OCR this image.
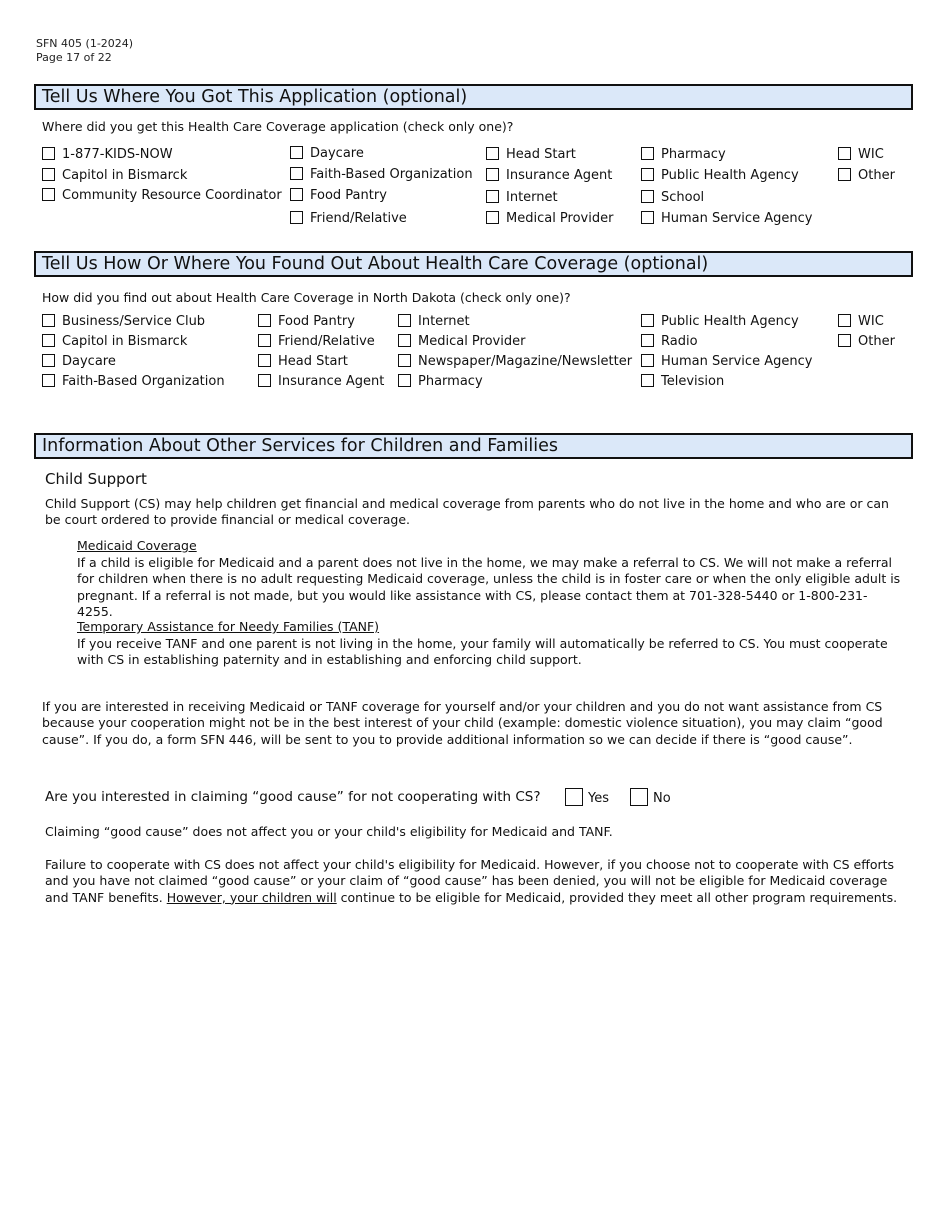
SFN 405 (1-2024)
Page 17 of 22
Tell Us Where You Got This Application (optional)
Where did you get this Health Care Coverage application (check only one)?
1-877-KIDS-NOW
Capitol in Bismarck
Community Resource Coordinator
Daycare
Faith-Based Organization
Food Pantry
Friend/Relative
Head Start
Insurance Agent
Internet
Medical Provider
Pharmacy
Public Health Agency
School
Human Service Agency
WIC
Other
Tell Us How Or Where You Found Out About Health Care Coverage (optional)
How did you find out about Health Care Coverage in North Dakota (check only one)?
Business/Service Club
Capitol in Bismarck
Daycare
Faith-Based Organization
Food Pantry
Friend/Relative
Head Start
Insurance Agent
Internet
Medical Provider
Newspaper/Magazine/Newsletter
Pharmacy
Public Health Agency
Radio
Human Service Agency
Television
WIC
Other
Information About Other Services for Children and Families
Child Support
Child Support (CS) may help children get financial and medical coverage from parents who do not live in the home and who are or can be court ordered to provide financial or medical coverage.
Medicaid Coverage
If a child is eligible for Medicaid and a parent does not live in the home, we may make a referral to CS. We will not make a referral for children when there is no adult requesting Medicaid coverage, unless the child is in foster care or when the only eligible adult is pregnant. If a referral is not made, but you would like assistance with CS, please contact them at 701-328-5440 or 1-800-231-4255.
Temporary Assistance for Needy Families (TANF)
If you receive TANF and one parent is not living in the home, your family will automatically be referred to CS. You must cooperate with CS in establishing paternity and in establishing and enforcing child support.
If you are interested in receiving Medicaid or TANF coverage for yourself and/or your children and you do not want assistance from CS because your cooperation might not be in the best interest of your child (example: domestic violence situation), you may claim “good cause”. If you do, a form SFN 446, will be sent to you to provide additional information so we can decide if there is “good cause”.
Are you interested in claiming “good cause” for not cooperating with CS?	Yes	No
Claiming “good cause” does not affect you or your child's eligibility for Medicaid and TANF.
Failure to cooperate with CS does not affect your child's eligibility for Medicaid. However, if you choose not to cooperate with CS efforts and you have not claimed “good cause” or your claim of “good cause” has been denied, you will not be eligible for Medicaid coverage and TANF benefits. However, your children will continue to be eligible for Medicaid, provided they meet all other program requirements.
